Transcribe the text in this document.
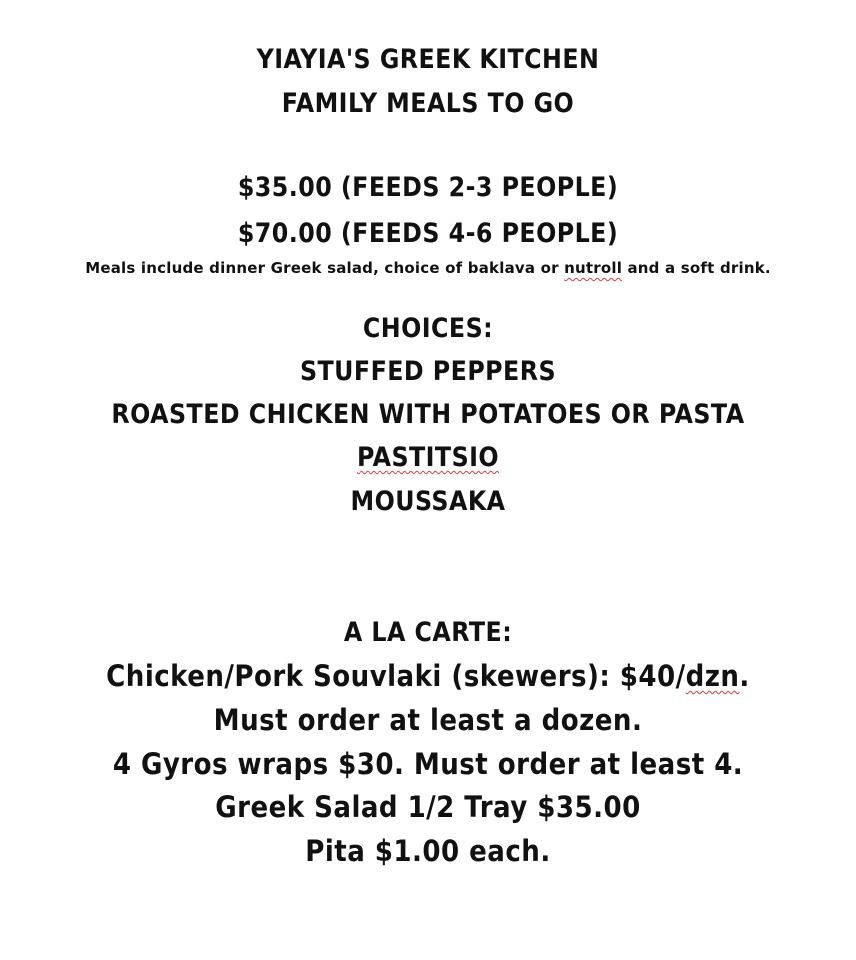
YIAYIA'S GREEK KITCHEN
FAMILY MEALS TO GO
$35.00 (FEEDS 2-3 PEOPLE)
$70.00 (FEEDS 4-6 PEOPLE)
Meals include dinner Greek salad, choice of baklava or nutroll and a soft drink.
CHOICES:
STUFFED PEPPERS
ROASTED CHICKEN WITH POTATOES OR PASTA
PASTITSIO
MOUSSAKA
A LA CARTE:
Chicken/Pork Souvlaki (skewers): $40/dzn.
Must order at least a dozen.
4 Gyros wraps $30. Must order at least 4.
Greek Salad 1/2 Tray $35.00
Pita $1.00 each.
